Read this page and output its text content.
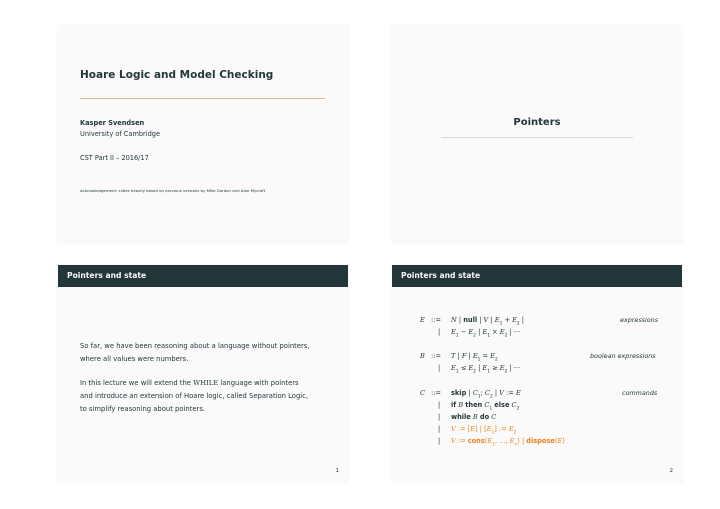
Hoare Logic and Model Checking
Kasper Svendsen
University of Cambridge
CST Part II – 2016/17
Acknowledgement: slides heavily based on previous versions by Mike Gordon and Alan Mycroft
Pointers
Pointers and state
So far, we have been reasoning about a language without pointers,
where all values were numbers.
In this lecture we will extend the WHILE language with pointers
and introduce an extension of Hoare logic, called Separation Logic,
to simplify reasoning about pointers.
1
Pointers and state
E ::= N | null | V | $E_1 + E_2$ |	expressions
| $E_1 - E_2$ | $E_1 \times E_2$ | ···
B ::= T | F | $E_1 = E_2$	boolean expressions
| $E_1 \le E_2$ | $E_1 \ge E_2$ | ···
C ::= skip | $C_1$; $C_2$ | V := E	commands
| if B then $C_1$ else $C_2$
| while B do C
| V := [E] | $[E_1]$ := $E_2$
| V := $cons(E_1$, ..., $E_n$) | dispose(E)
2
